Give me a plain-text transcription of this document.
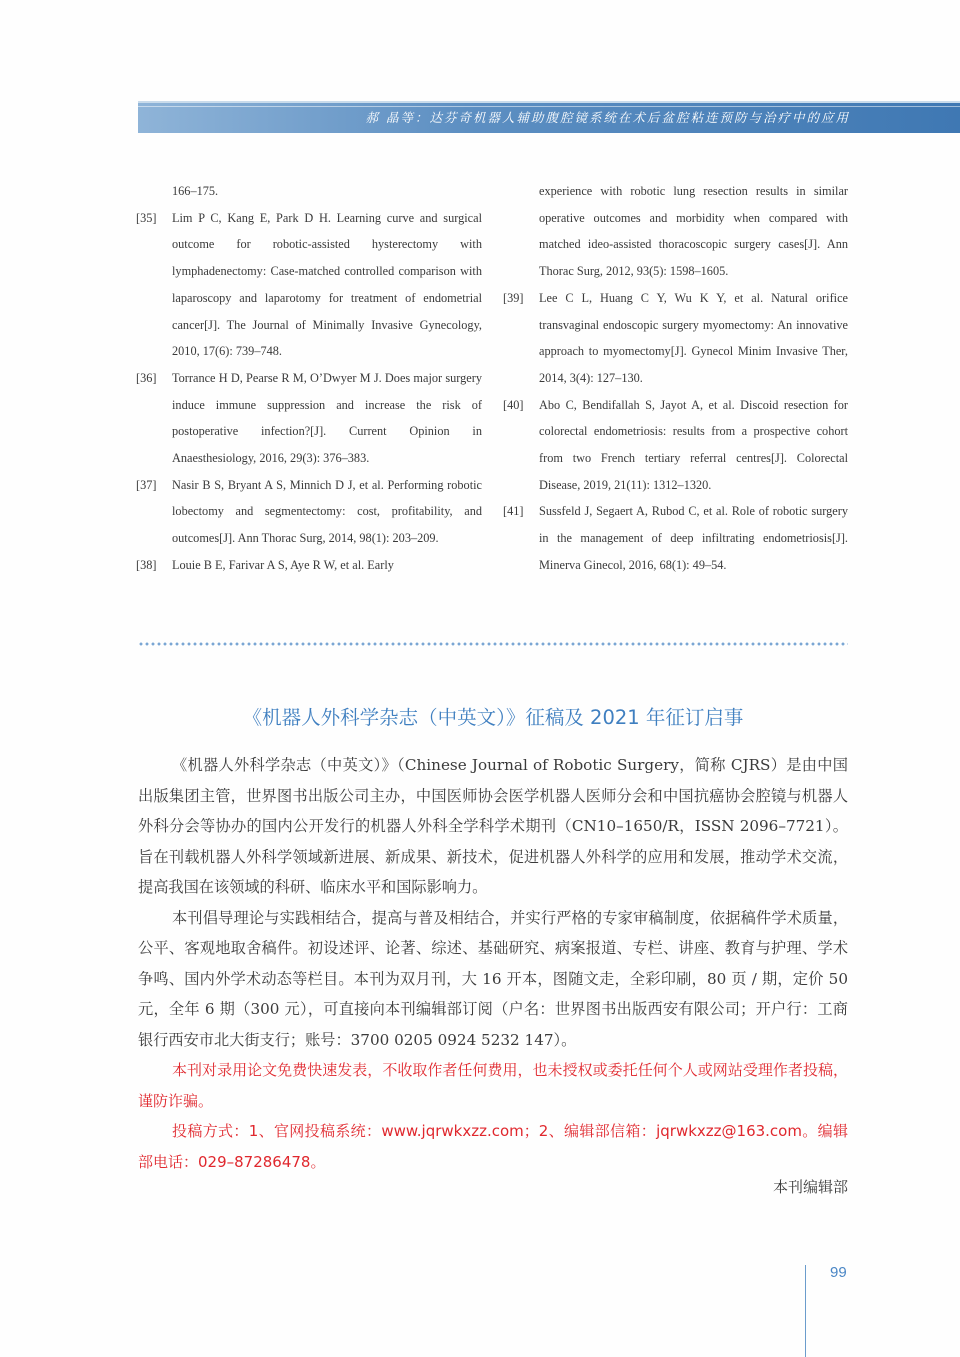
郝 晶等：达芬奇机器人辅助腹腔镜系统在术后盆腔粘连预防与治疗中的应用
166–175.
[35] Lim P C, Kang E, Park D H. Learning curve and surgical outcome for robotic-assisted hysterectomy with lymphadenectomy: Case-matched controlled comparison with laparoscopy and laparotomy for treatment of endometrial cancer[J]. The Journal of Minimally Invasive Gynecology, 2010, 17(6): 739–748.
[36] Torrance H D, Pearse R M, O’Dwyer M J. Does major surgery induce immune suppression and increase the risk of postoperative infection?[J]. Current Opinion in Anaesthesiology, 2016, 29(3): 376–383.
[37] Nasir B S, Bryant A S, Minnich D J, et al. Performing robotic lobectomy and segmentectomy: cost, profitability, and outcomes[J]. Ann Thorac Surg, 2014, 98(1): 203–209.
[38] Louie B E, Farivar A S, Aye R W, et al. Early
experience with robotic lung resection results in similar operative outcomes and morbidity when compared with matched ideo-assisted thoracoscopic surgery cases[J]. Ann Thorac Surg, 2012, 93(5): 1598–1605.
[39] Lee C L, Huang C Y, Wu K Y, et al. Natural orifice transvaginal endoscopic surgery myomectomy: An innovative approach to myomectomy[J]. Gynecol Minim Invasive Ther, 2014, 3(4): 127–130.
[40] Abo C, Bendifallah S, Jayot A, et al. Discoid resection for colorectal endometriosis: results from a prospective cohort from two French tertiary referral centres[J]. Colorectal Disease, 2019, 21(11): 1312–1320.
[41] Sussfeld J, Segaert A, Rubod C, et al. Role of robotic surgery in the management of deep infiltrating endometriosis[J]. Minerva Ginecol, 2016, 68(1): 49–54.
《机器人外科学杂志（中英文）》征稿及 2021 年征订启事

《机器人外科学杂志（中英文）》（Chinese Journal of Robotic Surgery，简称 CJRS）是由中国出版集团主管，世界图书出版公司主办，中国医师协会医学机器人医师分会和中国抗癌协会腔镜与机器人外科分会等协办的国内公开发行的机器人外科全学科学术期刊（CN10–1650/R，ISSN 2096–7721）。旨在刊载机器人外科学领域新进展、新成果、新技术，促进机器人外科学的应用和发展，推动学术交流，提高我国在该领域的科研、临床水平和国际影响力。

本刊倡导理论与实践相结合，提高与普及相结合，并实行严格的专家审稿制度，依据稿件学术质量，公平、客观地取舍稿件。初设述评、论著、综述、基础研究、病案报道、专栏、讲座、教育与护理、学术争鸣、国内外学术动态等栏目。本刊为双月刊，大 16 开本，图随文走，全彩印刷，80 页 / 期，定价 50 元，全年 6 期（300 元），可直接向本刊编辑部订阅（户名：世界图书出版西安有限公司；开户行：工商银行西安市北大街支行；账号：3700 0205 0924 5232 147）。

本刊对录用论文免费快速发表，不收取作者任何费用，也未授权或委托任何个人或网站受理作者投稿，谨防诈骗。

投稿方式：1、官网投稿系统：www.jqrwkxzz.com；2、编辑部信箱：jqrwkxzz@163.com。编辑部电话：029–87286478。

本刊编辑部
99
